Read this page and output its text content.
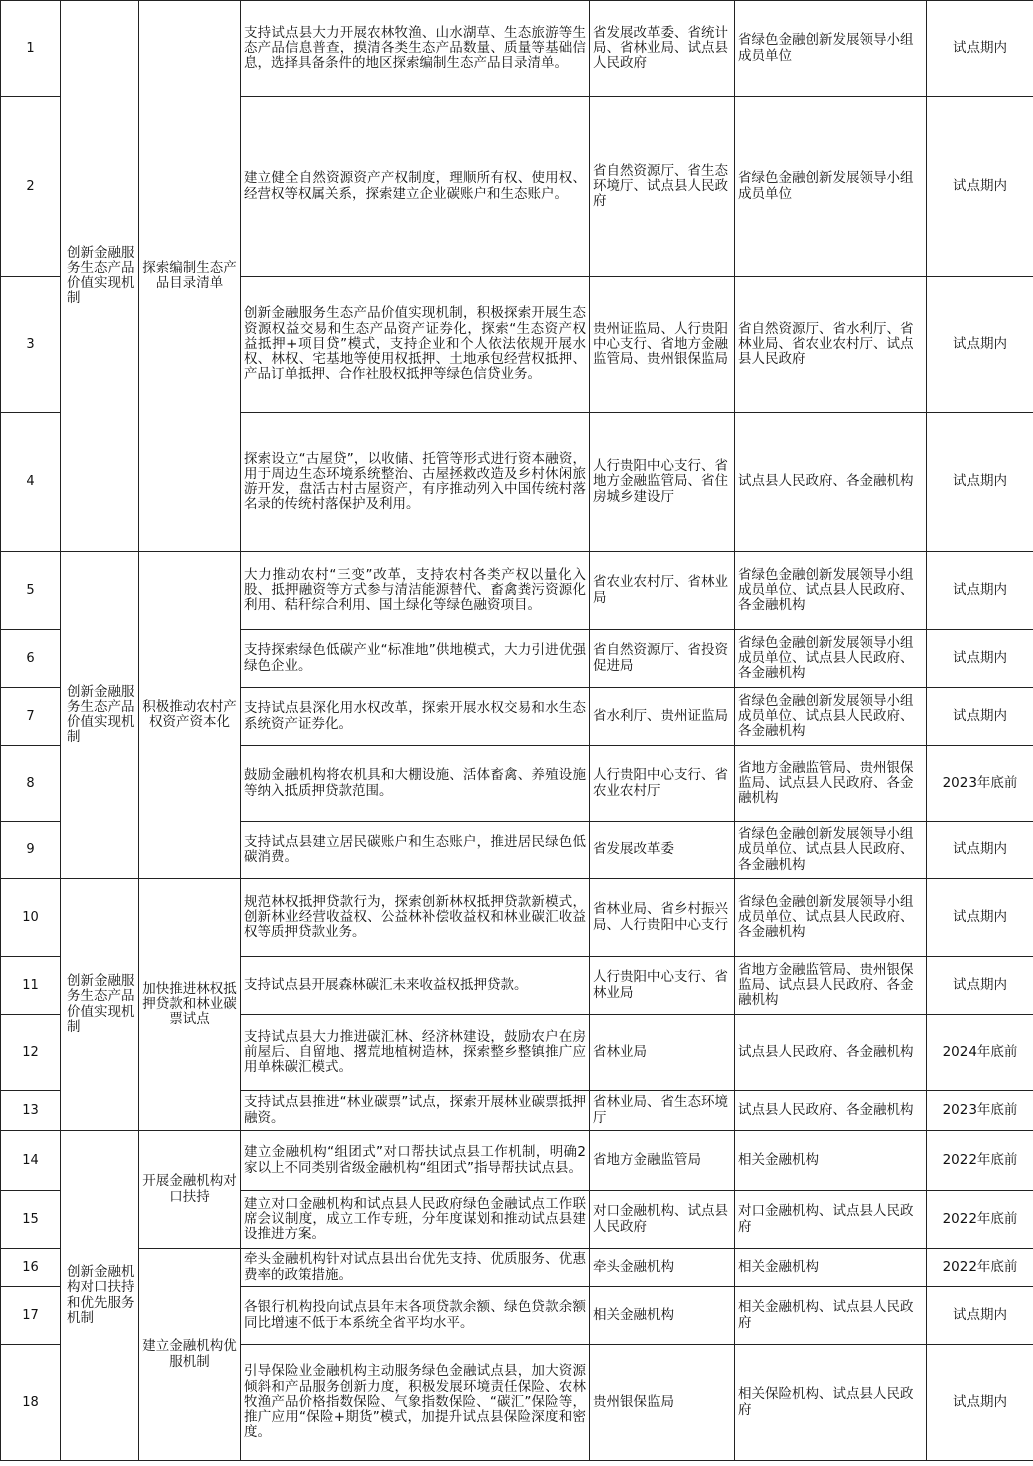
1	创新金融服务生态产品价值实现机制	探索编制生态产品目录清单	支持试点县大力开展农林牧渔、山水湖草、生态旅游等生态产品信息普查，摸清各类生态产品数量、质量等基础信息，选择具备条件的地区探索编制生态产品目录清单。	省发展改革委、省统计局、省林业局、试点县人民政府	省绿色金融创新发展领导小组成员单位	试点期内
2			建立健全自然资源资产产权制度，理顺所有权、使用权、经营权等权属关系，探索建立企业碳账户和生态账户。	省自然资源厅、省生态环境厅、试点县人民政府	省绿色金融创新发展领导小组成员单位	试点期内
3			创新金融服务生态产品价值实现机制，积极探索开展生态资源权益交易和生态产品资产证券化，探索“生态资产权益抵押+项目贷”模式，支持企业和个人依法依规开展水权、林权、宅基地等使用权抵押、土地承包经营权抵押、产品订单抵押、合作社股权抵押等绿色信贷业务。	贵州证监局、人行贵阳中心支行、省地方金融监管局、贵州银保监局	省自然资源厅、省水利厅、省林业局、省农业农村厅、试点县人民政府	试点期内
4			探索设立“古屋贷”，以收储、托管等形式进行资本融资，用于周边生态环境系统整治、古屋拯救改造及乡村休闲旅游开发，盘活古村古屋资产，有序推动列入中国传统村落名录的传统村落保护及利用。	人行贵阳中心支行、省地方金融监管局、省住房城乡建设厅	试点县人民政府、各金融机构	试点期内
5	创新金融服务生态产品价值实现机制	积极推动农村产权资产资本化	大力推动农村“三变”改革，支持农村各类产权以量化入股、抵押融资等方式参与清洁能源替代、畜禽粪污资源化利用、秸秆综合利用、国土绿化等绿色融资项目。	省农业农村厅、省林业局	省绿色金融创新发展领导小组成员单位、试点县人民政府、各金融机构	试点期内
6			支持探索绿色低碳产业“标准地”供地模式，大力引进优强绿色企业。	省自然资源厅、省投资促进局	省绿色金融创新发展领导小组成员单位、试点县人民政府、各金融机构	试点期内
7			支持试点县深化用水权改革，探索开展水权交易和水生态系统资产证券化。	省水利厅、贵州证监局	省绿色金融创新发展领导小组成员单位、试点县人民政府、各金融机构	试点期内
8			鼓励金融机构将农机具和大棚设施、活体畜禽、养殖设施等纳入抵质押贷款范围。	人行贵阳中心支行、省农业农村厅	省地方金融监管局、贵州银保监局、试点县人民政府、各金融机构	2023年底前
9			支持试点县建立居民碳账户和生态账户，推进居民绿色低碳消费。	省发展改革委	省绿色金融创新发展领导小组成员单位、试点县人民政府、各金融机构	试点期内
10	创新金融服务生态产品价值实现机制	加快推进林权抵押贷款和林业碳票试点	规范林权抵押贷款行为，探索创新林权抵押贷款新模式，创新林业经营收益权、公益林补偿收益权和林业碳汇收益权等质押贷款业务。	省林业局、省乡村振兴局、人行贵阳中心支行	省绿色金融创新发展领导小组成员单位、试点县人民政府、各金融机构	试点期内
11			支持试点县开展森林碳汇未来收益权抵押贷款。	人行贵阳中心支行、省林业局	省地方金融监管局、贵州银保监局、试点县人民政府、各金融机构	试点期内
12			支持试点县大力推进碳汇林、经济林建设，鼓励农户在房前屋后、自留地、撂荒地植树造林，探索整乡整镇推广应用单株碳汇模式。	省林业局	试点县人民政府、各金融机构	2024年底前
13			支持试点县推进“林业碳票”试点，探索开展林业碳票抵押融资。	省林业局、省生态环境厅	试点县人民政府、各金融机构	2023年底前
14	创新金融机构对口扶持和优先服务机制	开展金融机构对口扶持	建立金融机构“组团式”对口帮扶试点县工作机制，明确2家以上不同类别省级金融机构“组团式”指导帮扶试点县。	省地方金融监管局	相关金融机构	2022年底前
15			建立对口金融机构和试点县人民政府绿色金融试点工作联席会议制度，成立工作专班，分年度谋划和推动试点县建设推进方案。	对口金融机构、试点县人民政府	对口金融机构、试点县人民政府	2022年底前
16		建立金融机构优服机制	牵头金融机构针对试点县出台优先支持、优质服务、优惠费率的政策措施。	牵头金融机构	相关金融机构	2022年底前
17			各银行机构投向试点县年末各项贷款余额、绿色贷款余额同比增速不低于本系统全省平均水平。	相关金融机构	相关金融机构、试点县人民政府	试点期内
18			引导保险业金融机构主动服务绿色金融试点县，加大资源倾斜和产品服务创新力度，积极发展环境责任保险、农林牧渔产品价格指数保险、气象指数保险、“碳汇”保险等，推广应用“保险+期货”模式，加提升试点县保险深度和密度。	贵州银保监局	相关保险机构、试点县人民政府	试点期内
